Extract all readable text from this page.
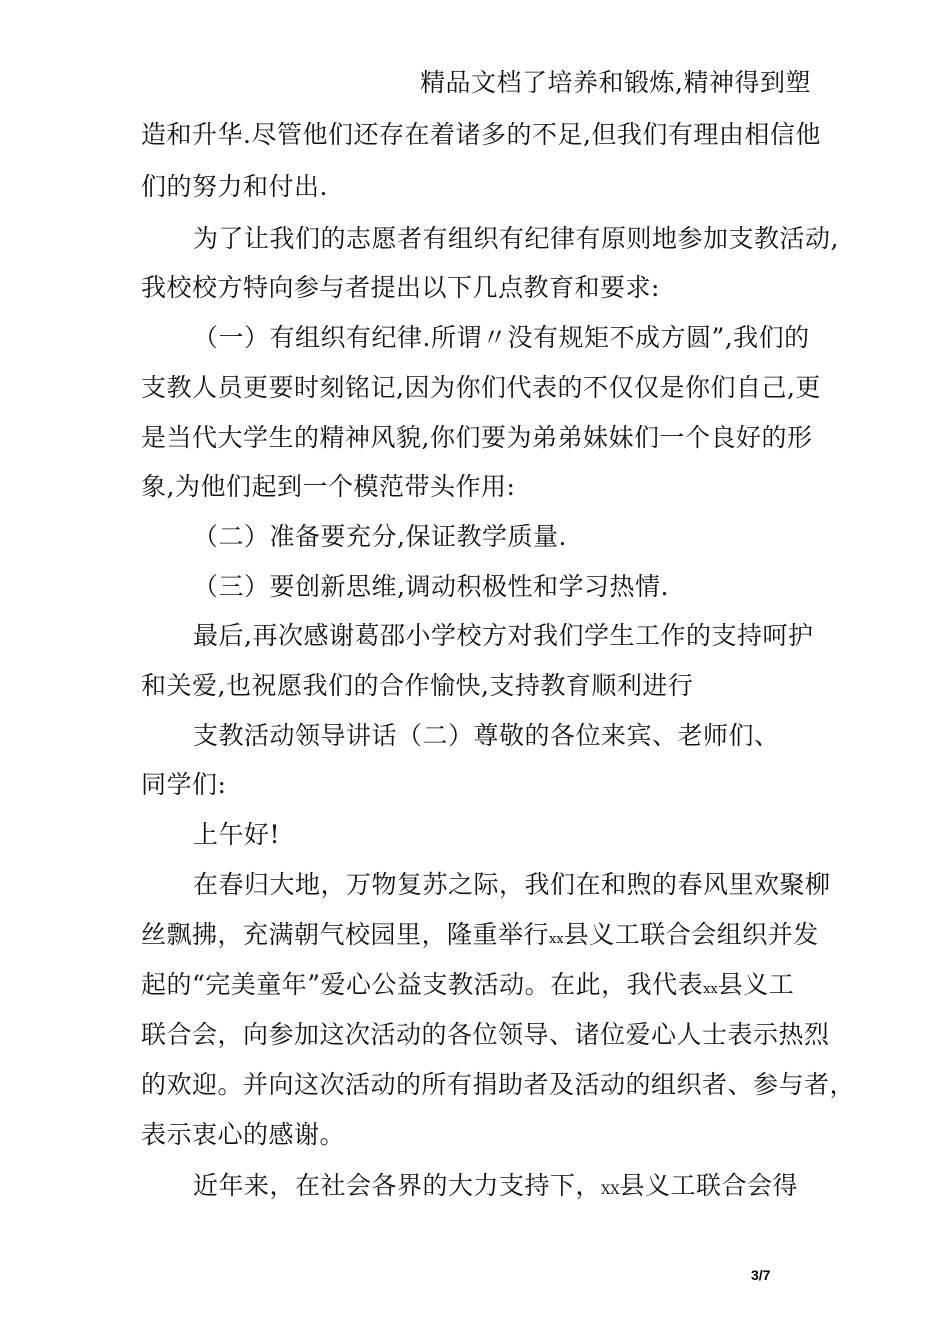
精品文档了培养和锻炼,精神得到塑
造和升华.尽管他们还存在着诸多的不足,但我们有理由相信他
们的努力和付出.
为了让我们的志愿者有组织有纪律有原则地参加支教活动,
我校校方特向参与者提出以下几点教育和要求:
（一）有组织有纪律.所谓〃没有规矩不成方圆”,我们的
支教人员更要时刻铭记,因为你们代表的不仅仅是你们自己,更
是当代大学生的精神风貌,你们要为弟弟妹妹们一个良好的形
象,为他们起到一个模范带头作用:
（二）准备要充分,保证教学质量.
（三）要创新思维,调动积极性和学习热情.
最后,再次感谢葛邵小学校方对我们学生工作的支持呵护
和关爱,也祝愿我们的合作愉快,支持教育顺利进行
支教活动领导讲话（二）尊敬的各位来宾、老师们、
同学们:
上午好!
在春归大地，万物复苏之际，我们在和煦的春风里欢聚柳
丝飘拂，充满朝气校园里，隆重举行xx县义工联合会组织并发
起的“完美童年”爱心公益支教活动。在此，我代表xx县义工
联合会，向参加这次活动的各位领导、诸位爱心人士表示热烈
的欢迎。并向这次活动的所有捐助者及活动的组织者、参与者，
表示衷心的感谢。
近年来，在社会各界的大力支持下，XX县义工联合会得
3/7
